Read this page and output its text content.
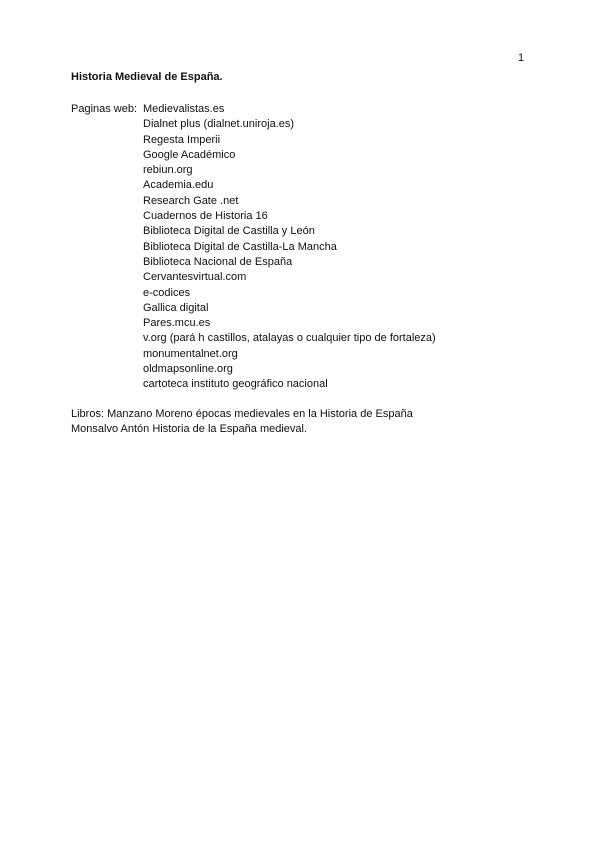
1
Historia Medieval de España.
Paginas web: Medievalistas.es
Dialnet plus (dialnet.uniroja.es)
Regesta Imperii
Google Académico
rebiun.org
Academia.edu
Research Gate .net
Cuadernos de Historia 16
Biblioteca Digital de Castilla y León
Biblioteca Digital de Castilla-La Mancha
Biblioteca Nacional de España
Cervantesvirtual.com
e-codices
Gallica digital
Pares.mcu.es
v.org (pará h castillos, atalayas o cualquier tipo de fortaleza)
monumentalnet.org
oldmapsonline.org
cartoteca instituto geográfico nacional
Libros: Manzano Moreno épocas medievales en la Historia de España
Monsalvo Antón Historia de la España medieval.
